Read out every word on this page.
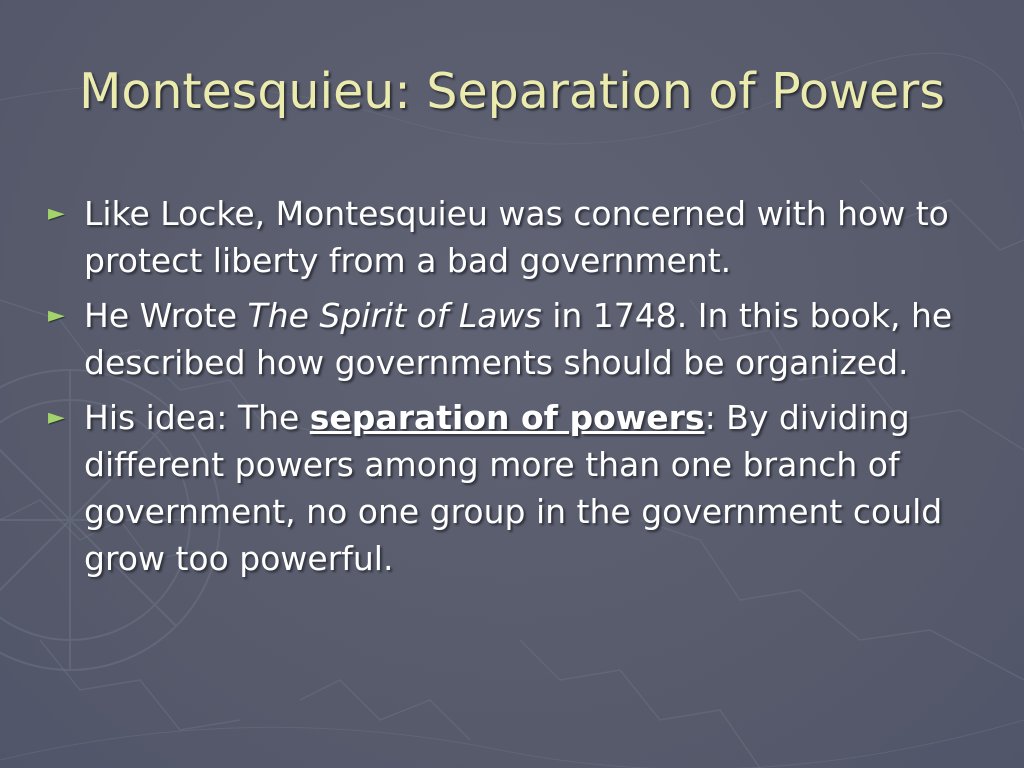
Montesquieu: Separation of Powers
► Like Locke, Montesquieu was concerned with how to protect liberty from a bad government.
► He Wrote The Spirit of Laws in 1748. In this book, he described how governments should be organized.
► His idea: The separation of powers: By dividing different powers among more than one branch of government, no one group in the government could grow too powerful.
